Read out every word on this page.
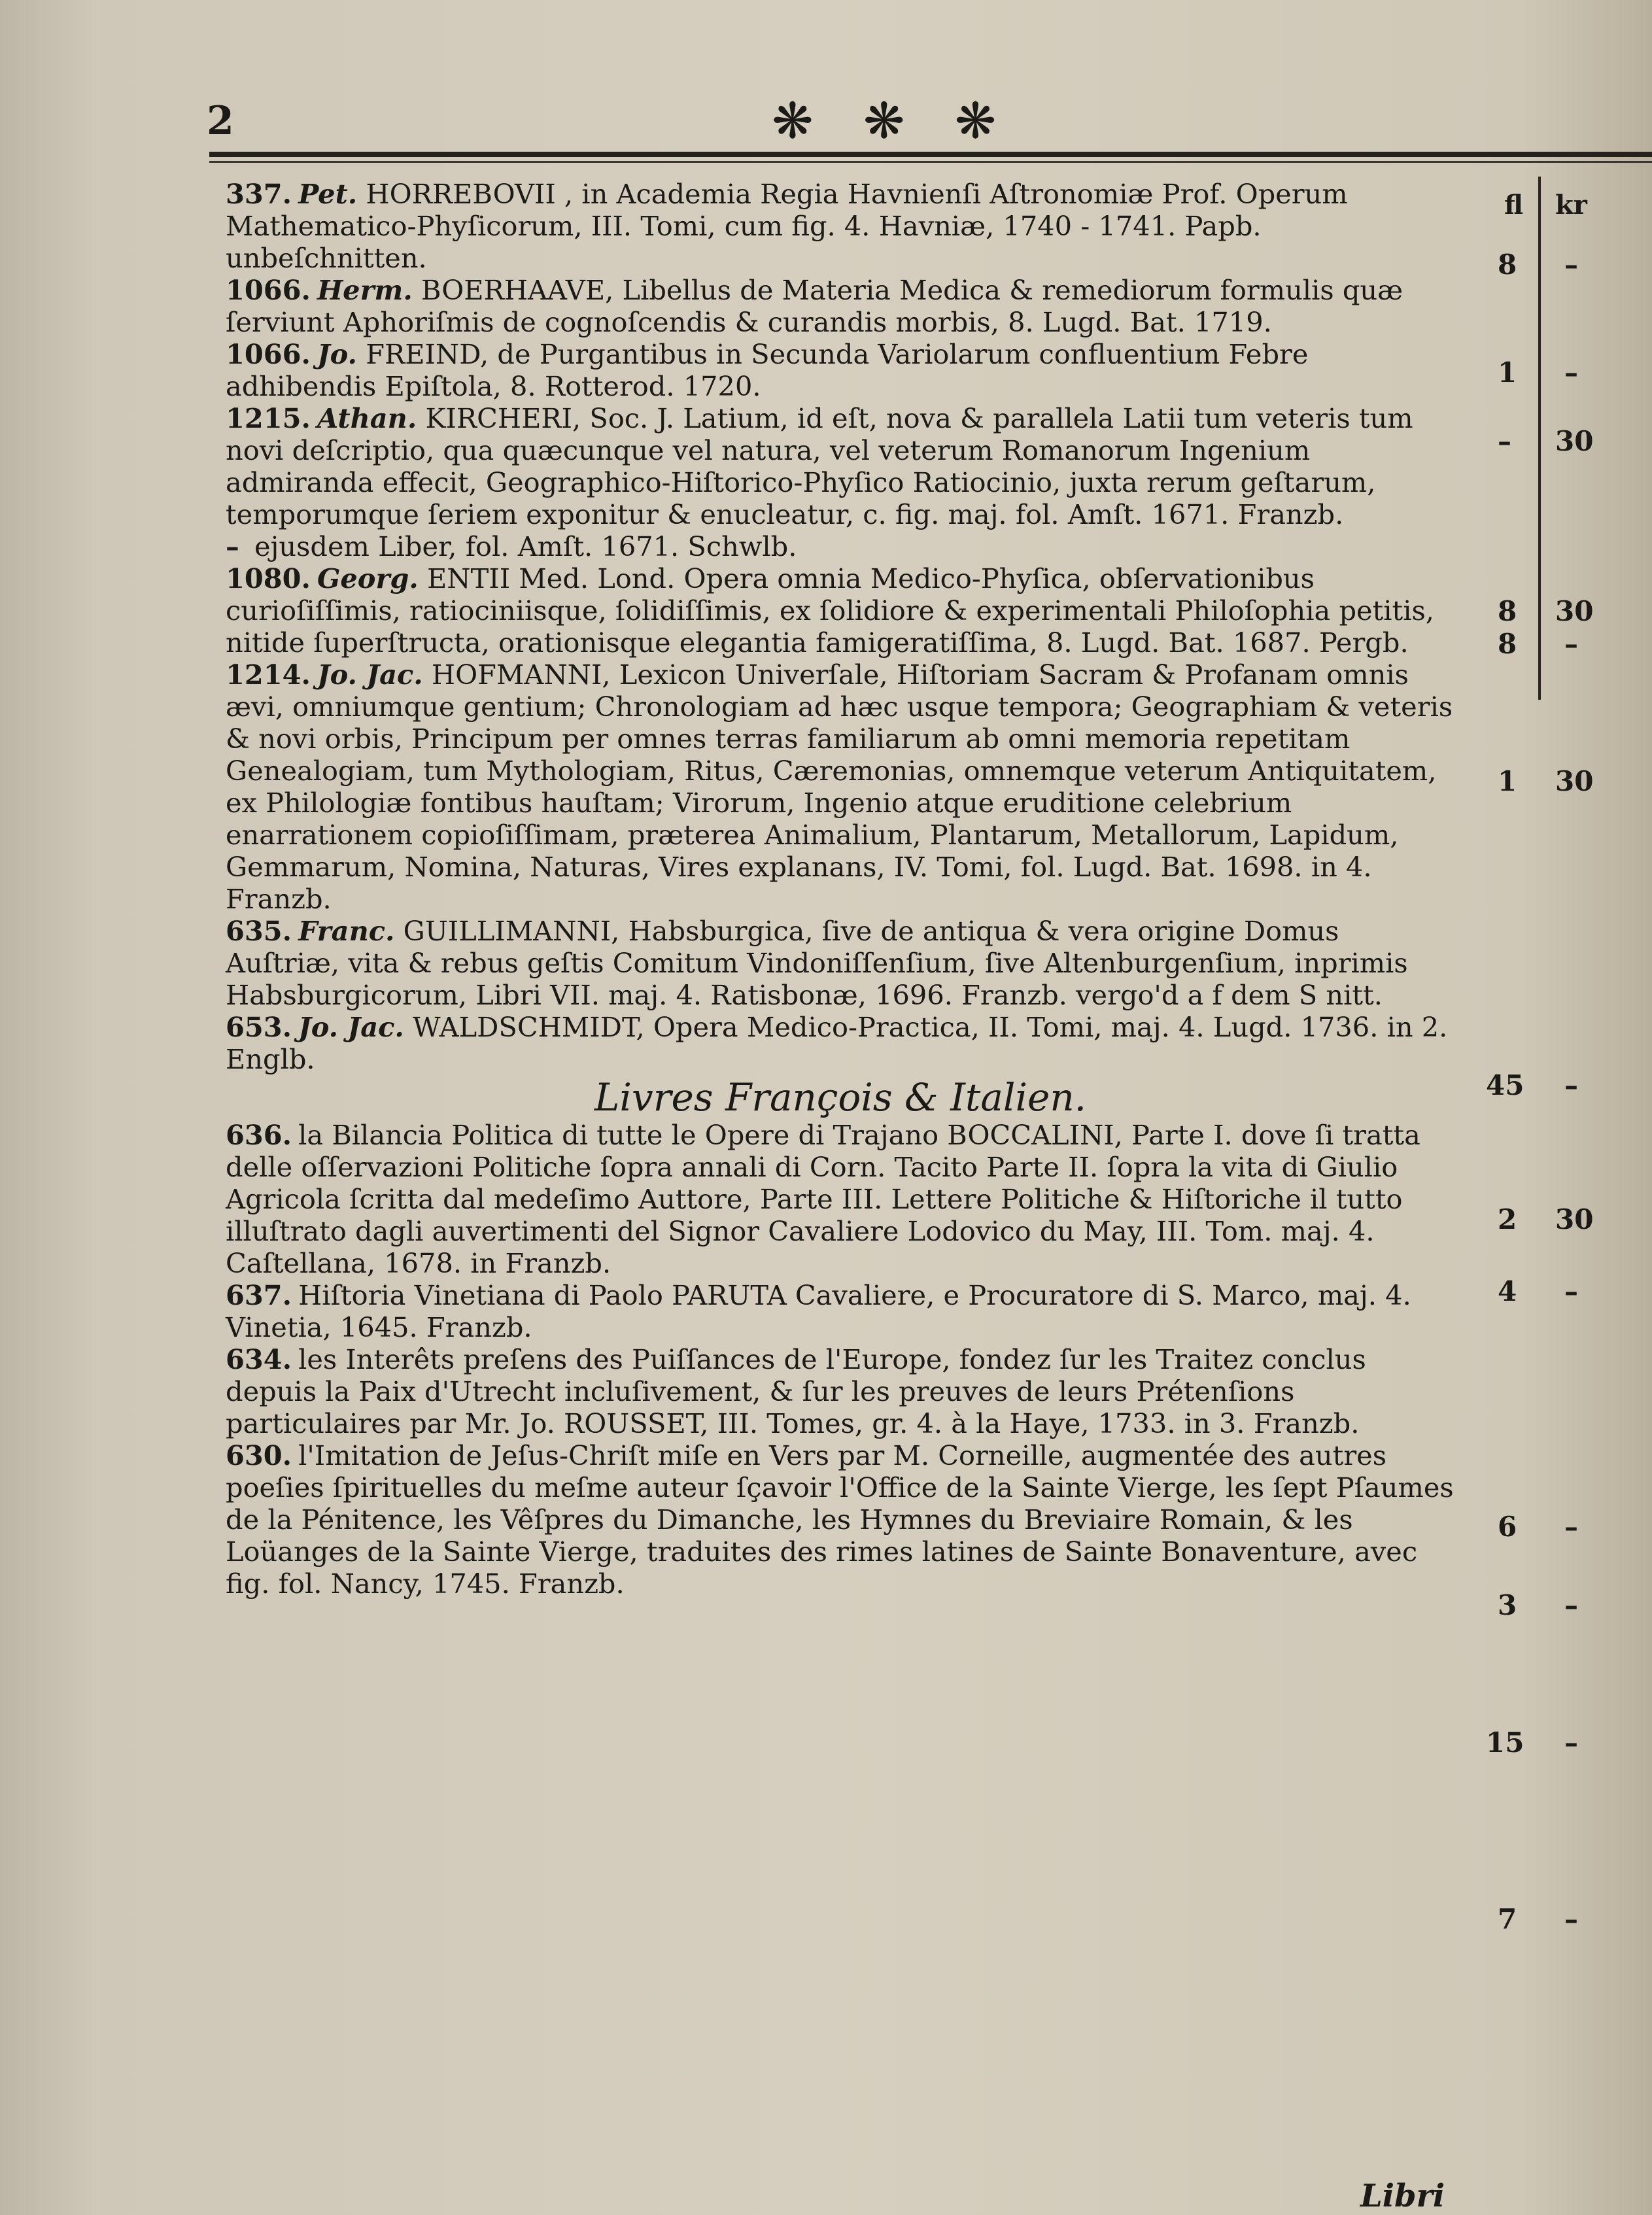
2	❋ ❋ ❋
fl kr

337. Pet. HORREBOVII , in Academia Regia Havnienſi Aſtronomiæ Prof. Operum Mathematico-Phyſicorum, III. Tomi, cum fig. 4. Havniæ, 1740 - 1741. Papb. unbeſchnitten.

1066. Herm. BOERHAAVE, Libellus de Materia Medica & remediorum formulis quæ ſerviunt Aphoriſmis de cognoſcendis & curandis morbis, 8. Lugd. Bat. 1719.

1066. Jo. FREIND, de Purgantibus in Secunda Variolarum confluentium Febre adhibendis Epiſtola, 8. Rotterod. 1720.

1215. Athan. KIRCHERI, Soc. J. Latium, id eſt, nova & parallela Latii tum veteris tum novi deſcriptio, qua quæcunque vel natura, vel veterum Romanorum Ingenium admiranda effecit, Geographico-Hiſtorico-Phyſico Ratiocinio, juxta rerum geſtarum, temporumque ſeriem exponitur & enucleatur, c. fig. maj. fol. Amſt. 1671. Franzb.

– ejusdem Liber, fol. Amſt. 1671. Schwlb.

1080. Georg. ENTII Med. Lond. Opera omnia Medico-Phyſica, obſervationibus curioſiſſimis, ratiociniisque, ſolidiſſimis, ex ſolidiore & experimentali Philoſophia petitis, nitide ſuperſtructa, orationisque elegantia famigeratiſſima, 8. Lugd. Bat. 1687. Pergb.

1214. Jo. Jac. HOFMANNI, Lexicon Univerſale, Hiſtoriam Sacram & Profanam omnis ævi, omniumque gentium; Chronologiam ad hæc usque tempora; Geographiam & veteris & novi orbis, Principum per omnes terras familiarum ab omni memoria repetitam Genealogiam, tum Mythologiam, Ritus, Cæremonias, omnemque veterum Antiquitatem, ex Philologiæ fontibus hauſtam; Virorum, Ingenio atque eruditione celebrium enarrationem copioſiſſimam, præterea Animalium, Plantarum, Metallorum, Lapidum, Gemmarum, Nomina, Naturas, Vires explanans, IV. Tomi, fol. Lugd. Bat. 1698. in 4. Franzb.

635. Franc. GUILLIMANNI, Habsburgica, ſive de antiqua & vera origine Domus Auſtriæ, vita & rebus geſtis Comitum Vindoniſſenſium, ſive Altenburgenſium, inprimis Habsburgicorum, Libri VII. maj. 4. Ratisbonæ, 1696. Franzb. vergo'd a f dem S nitt.

653. Jo. Jac. WALDSCHMIDT, Opera Medico-Practica, II. Tomi, maj. 4. Lugd. 1736. in 2. Englb.

Livres François & Italien.

636. la Bilancia Politica di tutte le Opere di Trajano BOCCALINI, Parte I. dove ſi tratta delle oſſervazioni Politiche ſopra annali di Corn. Tacito Parte II. ſopra la vita di Giulio Agricola ſcritta dal medeſimo Auttore, Parte III. Lettere Politiche & Hiſtoriche il tutto illuſtrato dagli auvertimenti del Signor Cavaliere Lodovico du May, III. Tom. maj. 4. Caſtellana, 1678. in Franzb.

637. Hiſtoria Vinetiana di Paolo PARUTA Cavaliere, e Procuratore di S. Marco, maj. 4. Vinetia, 1645. Franzb.

634. les Interêts preſens des Puiſſances de l'Europe, fondez ſur les Traitez conclus depuis la Paix d'Utrecht incluſivement, & ſur les preuves de leurs Prétenſions particulaires par Mr. Jo. ROUSSET, III. Tomes, gr. 4. à la Haye, 1733. in 3. Franzb.

630. l'Imitation de Jeſus-Chriſt miſe en Vers par M. Corneille, augmentée des autres poeſies ſpirituelles du meſme auteur ſçavoir l'Office de la Sainte Vierge, les ſept Pſaumes de la Pénitence, les Vêſpres du Dimanche, les Hymnes du Breviaire Romain, & les Loüanges de la Sainte Vierge, traduites des rimes latines de Sainte Bonaventure, avec fig. fol. Nancy, 1745. Franzb.

8 –
1 –
– 30
8 30
8 –
1 30
45 –
2 30
4 –
6 –
3 –
15 –
7 –
Libri
